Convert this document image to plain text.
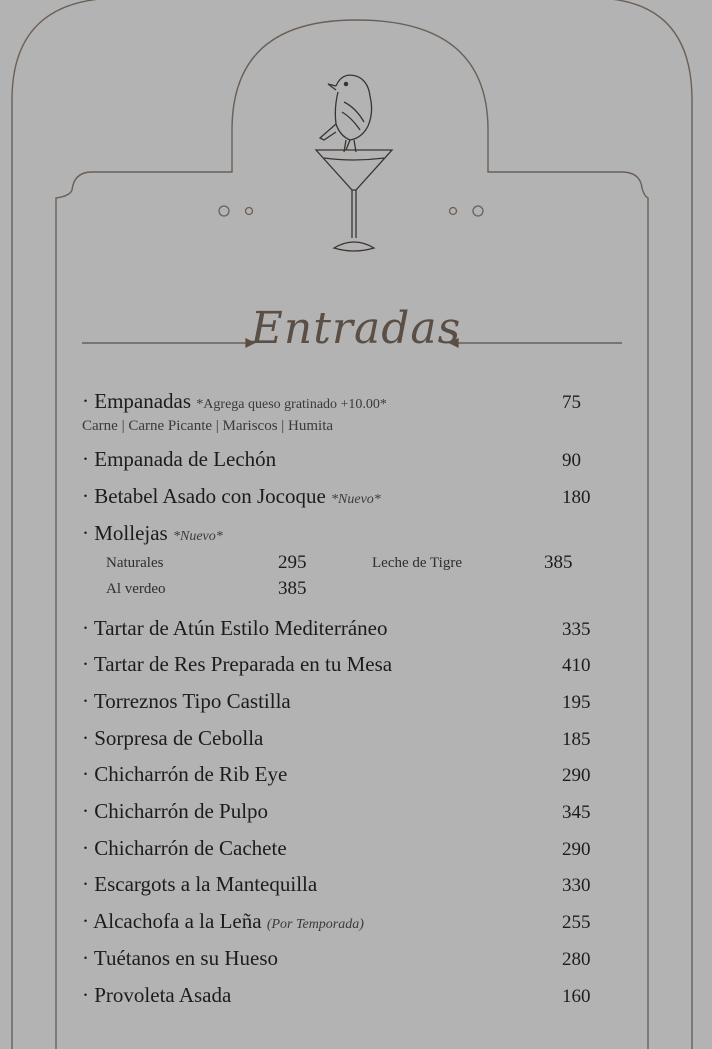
Entradas
· Empanadas *Agrega queso gratinado +10.00*	75
Carne | Carne Picante | Mariscos | Humita
· Empanada de Lechón	90
· Betabel Asado con Jocoque *Nuevo*	180
· Mollejas *Nuevo*
Naturales	295	Leche de Tigre	385
Al verdeo	385
· Tartar de Atún Estilo Mediterráneo	335
· Tartar de Res Preparada en tu Mesa	410
· Torreznos Tipo Castilla	195
· Sorpresa de Cebolla	185
· Chicharrón de Rib Eye	290
· Chicharrón de Pulpo	345
· Chicharrón de Cachete	290
· Escargots a la Mantequilla	330
· Alcachofa a la Leña (Por Temporada)	255
· Tuétanos en su Hueso	280
· Provoleta Asada	160
